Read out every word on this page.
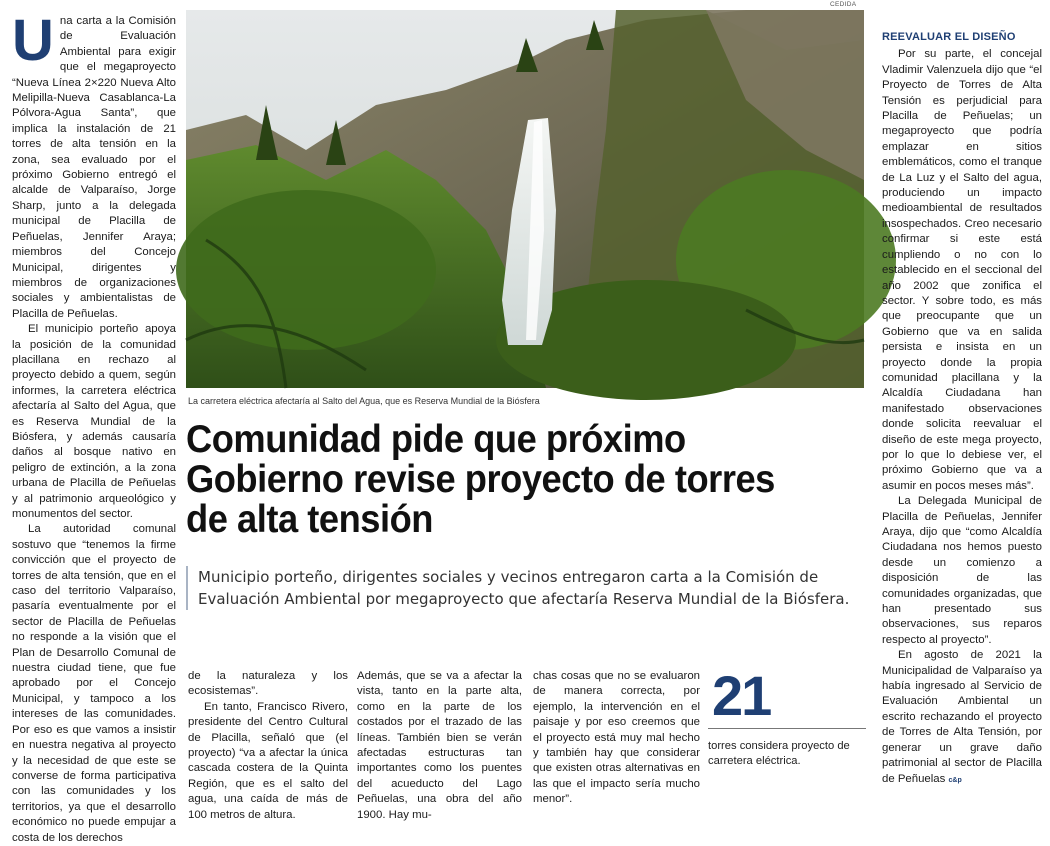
Una carta a la Comisión de Evaluación Ambiental para exigir que el megaproyecto “Nueva Línea 2×220 Nueva Alto Melipilla-Nueva Casablanca-La Pólvora-Agua Santa”, que implica la instalación de 21 torres de alta tensión en la zona, sea evaluado por el próximo Gobierno entregó el alcalde de Valparaíso, Jorge Sharp, junto a la delegada municipal de Placilla de Peñuelas, Jennifer Araya; miembros del Concejo Municipal, dirigentes y miembros de organizaciones sociales y ambientalistas de Placilla de Peñuelas.

El municipio porteño apoya la posición de la comunidad placillana en rechazo al proyecto debido a quem, según informes, la carretera eléctrica afectaría al Salto del Agua, que es Reserva Mundial de la Biósfera, y además causaría daños al bosque nativo en peligro de extinción, a la zona urbana de Placilla de Peñuelas y al patrimonio arqueológico y monumentos del sector.

La autoridad comunal sostuvo que “tenemos la firme convicción que el proyecto de torres de alta tensión, que en el caso del territorio Valparaíso, pasaría eventualmente por el sector de Placilla de Peñuelas no responde a la visión que el Plan de Desarrollo Comunal de nuestra ciudad tiene, que fue aprobado por el Concejo Municipal, y tampoco a los intereses de las comunidades. Por eso es que vamos a insistir en nuestra negativa al proyecto y la necesidad de que este se converse de forma participativa con las comunidades y los territorios, ya que el desarrollo económico no puede empujar a costa de los derechos

CEDIDA
La carretera eléctrica afectaría al Salto del Agua, que es Reserva Mundial de la Biósfera
Comunidad pide que próximo Gobierno revise proyecto de torres de alta tensión
Municipio porteño, dirigentes sociales y vecinos entregaron carta a la Comisión de Evaluación Ambiental por megaproyecto que afectaría Reserva Mundial de la Biósfera.

de la naturaleza y los ecosistemas”.

En tanto, Francisco Rivero, presidente del Centro Cultural de Placilla, señaló que (el proyecto) “va a afectar la única cascada costera de la Quinta Región, que es el salto del agua, una caída de más de 100 metros de altura.

Además, que se va a afectar la vista, tanto en la parte alta, como en la parte de los costados por el trazado de las líneas. También bien se verán afectadas estructuras tan importantes como los puentes del acueducto del Lago Peñuelas, una obra del año 1900. Hay mu-

chas cosas que no se evaluaron de manera correcta, por ejemplo, la intervención en el paisaje y por eso creemos que el proyecto está muy mal hecho y también hay que considerar que existen otras alternativas en las que el impacto sería mucho menor”.

21
torres considera proyecto de carretera eléctrica.

REEVALUAR EL DISEÑO

Por su parte, el concejal Vladimir Valenzuela dijo que “el Proyecto de Torres de Alta Tensión es perjudicial para Placilla de Peñuelas; un megaproyecto que podría emplazar en sitios emblemáticos, como el tranque de La Luz y el Salto del agua, produciendo un impacto medioambiental de resultados insospechados. Creo necesario confirmar si este está cumpliendo o no con lo establecido en el seccional del año 2002 que zonifica el sector. Y sobre todo, es más que preocupante que un Gobierno que va en salida persista e insista en un proyecto donde la propia comunidad placillana y la Alcaldía Ciudadana han manifestado observaciones donde solicita reevaluar el diseño de este mega proyecto, por lo que lo debiese ver, el próximo Gobierno que va a asumir en pocos meses más”.

La Delegada Municipal de Placilla de Peñuelas, Jennifer Araya, dijo que “como Alcaldía Ciudadana nos hemos puesto desde un comienzo a disposición de las comunidades organizadas, que han presentado sus observaciones, sus reparos respecto al proyecto”.

En agosto de 2021 la Municipalidad de Valparaíso ya había ingresado al Servicio de Evaluación Ambiental un escrito rechazando el proyecto de Torres de Alta Tensión, por generar un grave daño patrimonial al sector de Placilla de Peñuelas c&p
